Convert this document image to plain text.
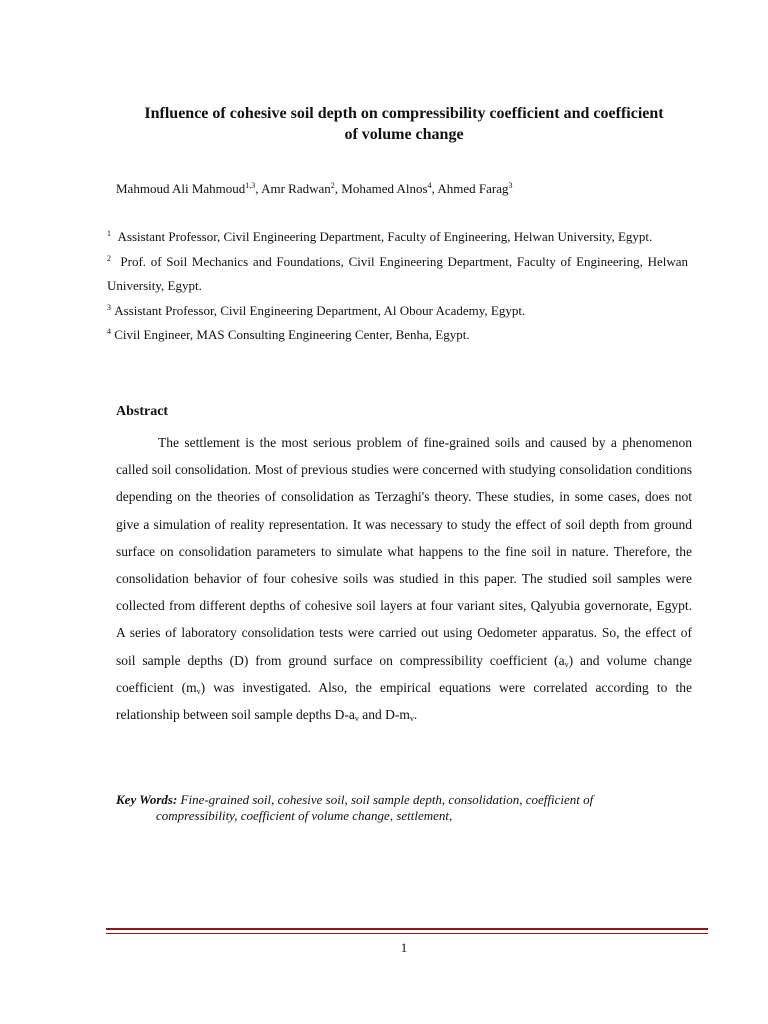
Influence of cohesive soil depth on compressibility coefficient and coefficient
of volume change
Mahmoud Ali Mahmoud$^{1,3}$, Amr Radwan$^2$, Mohamed Alnos$^4$, Ahmed Farag$^3$

$^1$ Assistant Professor, Civil Engineering Department, Faculty of Engineering, Helwan University, Egypt.

$^2$ Prof. of Soil Mechanics and Foundations, Civil Engineering Department, Faculty of Engineering, Helwan University, Egypt.

$^3$ Assistant Professor, Civil Engineering Department, Al Obour Academy, Egypt.

$^4$ Civil Engineer, MAS Consulting Engineering Center, Benha, Egypt.

Abstract

The settlement is the most serious problem of fine-grained soils and caused by a phenomenon called soil consolidation. Most of previous studies were concerned with studying consolidation conditions depending on the theories of consolidation as Terzaghi's theory. These studies, in some cases, does not give a simulation of reality representation. It was necessary to study the effect of soil depth from ground surface on consolidation parameters to simulate what happens to the fine soil in nature. Therefore, the consolidation behavior of four cohesive soils was studied in this paper. The studied soil samples were collected from different depths of cohesive soil layers at four variant sites, Qalyubia governorate, Egypt. A series of laboratory consolidation tests were carried out using Oedometer apparatus. So, the effect of soil sample depths (D) from ground surface on compressibility coefficient $(a_v)$ and volume change coefficient $(m_v)$ was investigated. Also, the empirical equations were correlated according to the relationship between soil sample depths $D-a_v$ and $D-m_v$.

Key Words: Fine-grained soil, cohesive soil, soil sample depth, consolidation, coefficient of
compressibility, coefficient of volume change, settlement,
1
